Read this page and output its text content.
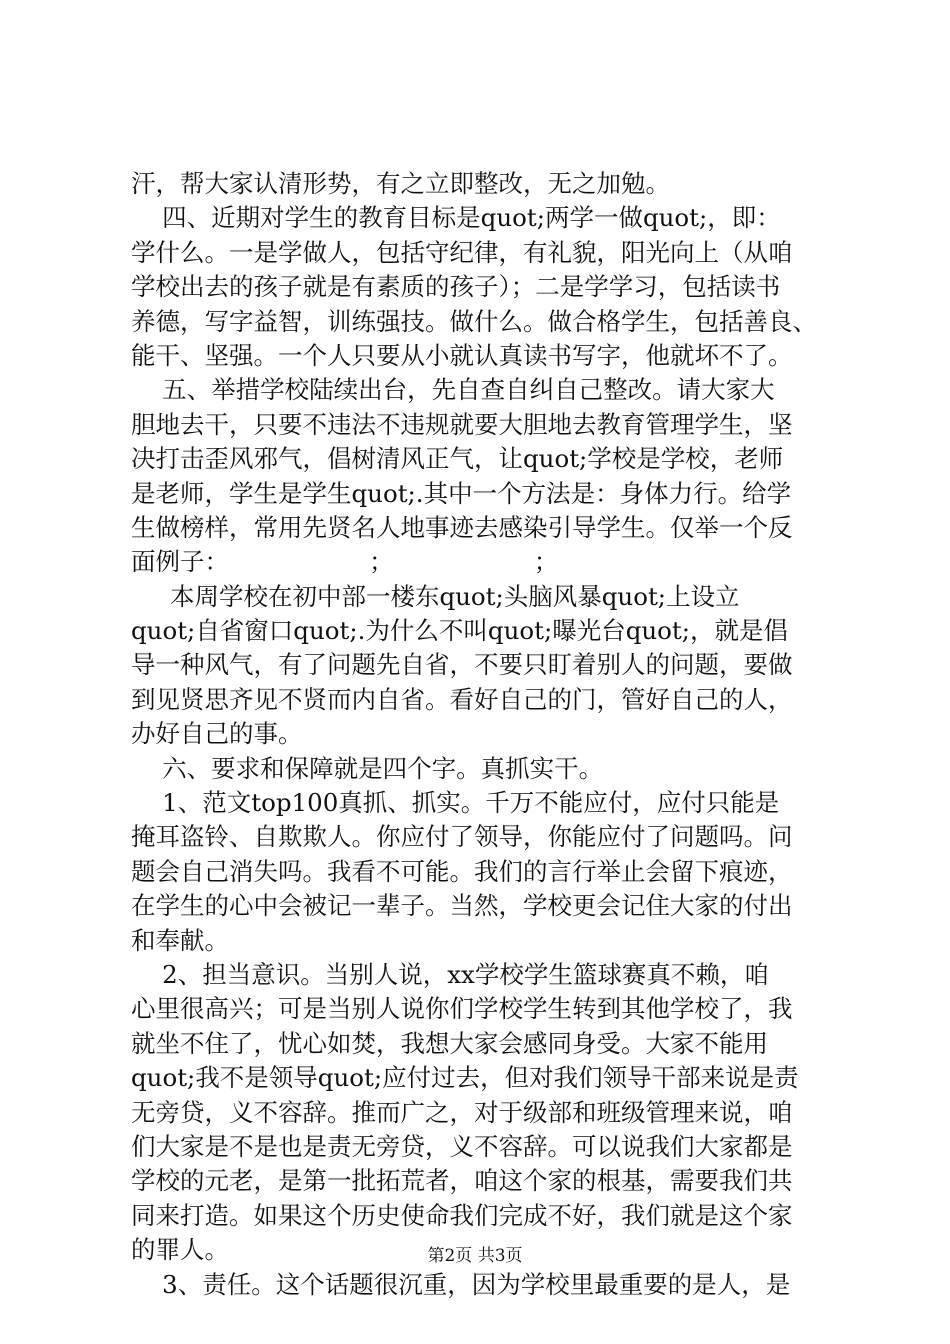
汗，帮大家认清形势，有之立即整改，无之加勉。
四、近期对学生的教育目标是quot;两学一做quot;，即：
学什么。一是学做人，包括守纪律，有礼貌，阳光向上（从咱
学校出去的孩子就是有素质的孩子）；二是学学习，包括读书
养德，写字益智，训练强技。做什么。做合格学生，包括善良、
能干、坚强。一个人只要从小就认真读书写字，他就坏不了。
五、举措学校陆续出台，先自查自纠自己整改。请大家大
胆地去干，只要不违法不违规就要大胆地去教育管理学生，坚
决打击歪风邪气，倡树清风正气，让quot;学校是学校，老师
是老师，学生是学生quot;.其中一个方法是：身体力行。给学
生做榜样，常用先贤名人地事迹去感染引导学生。仅举一个反
面例子：                  ；                  ；
本周学校在初中部一楼东quot;头脑风暴quot;上设立
quot;自省窗口quot;.为什么不叫quot;曝光台quot;，就是倡
导一种风气，有了问题先自省，不要只盯着别人的问题，要做
到见贤思齐见不贤而内自省。看好自己的门，管好自己的人，
办好自己的事。
六、要求和保障就是四个字。真抓实干。
1、范文top100真抓、抓实。千万不能应付，应付只能是
掩耳盗铃、自欺欺人。你应付了领导，你能应付了问题吗。问
题会自己消失吗。我看不可能。我们的言行举止会留下痕迹，
在学生的心中会被记一辈子。当然，学校更会记住大家的付出
和奉献。
2、担当意识。当别人说，xx学校学生篮球赛真不赖，咱
心里很高兴；可是当别人说你们学校学生转到其他学校了，我
就坐不住了，忧心如焚，我想大家会感同身受。大家不能用
quot;我不是领导quot;应付过去，但对我们领导干部来说是责
无旁贷，义不容辞。推而广之，对于级部和班级管理来说，咱
们大家是不是也是责无旁贷，义不容辞。可以说我们大家都是
学校的元老，是第一批拓荒者，咱这个家的根基，需要我们共
同来打造。如果这个历史使命我们完成不好，我们就是这个家
的罪人。
3、责任。这个话题很沉重，因为学校里最重要的是人，是
第2页 共3页
